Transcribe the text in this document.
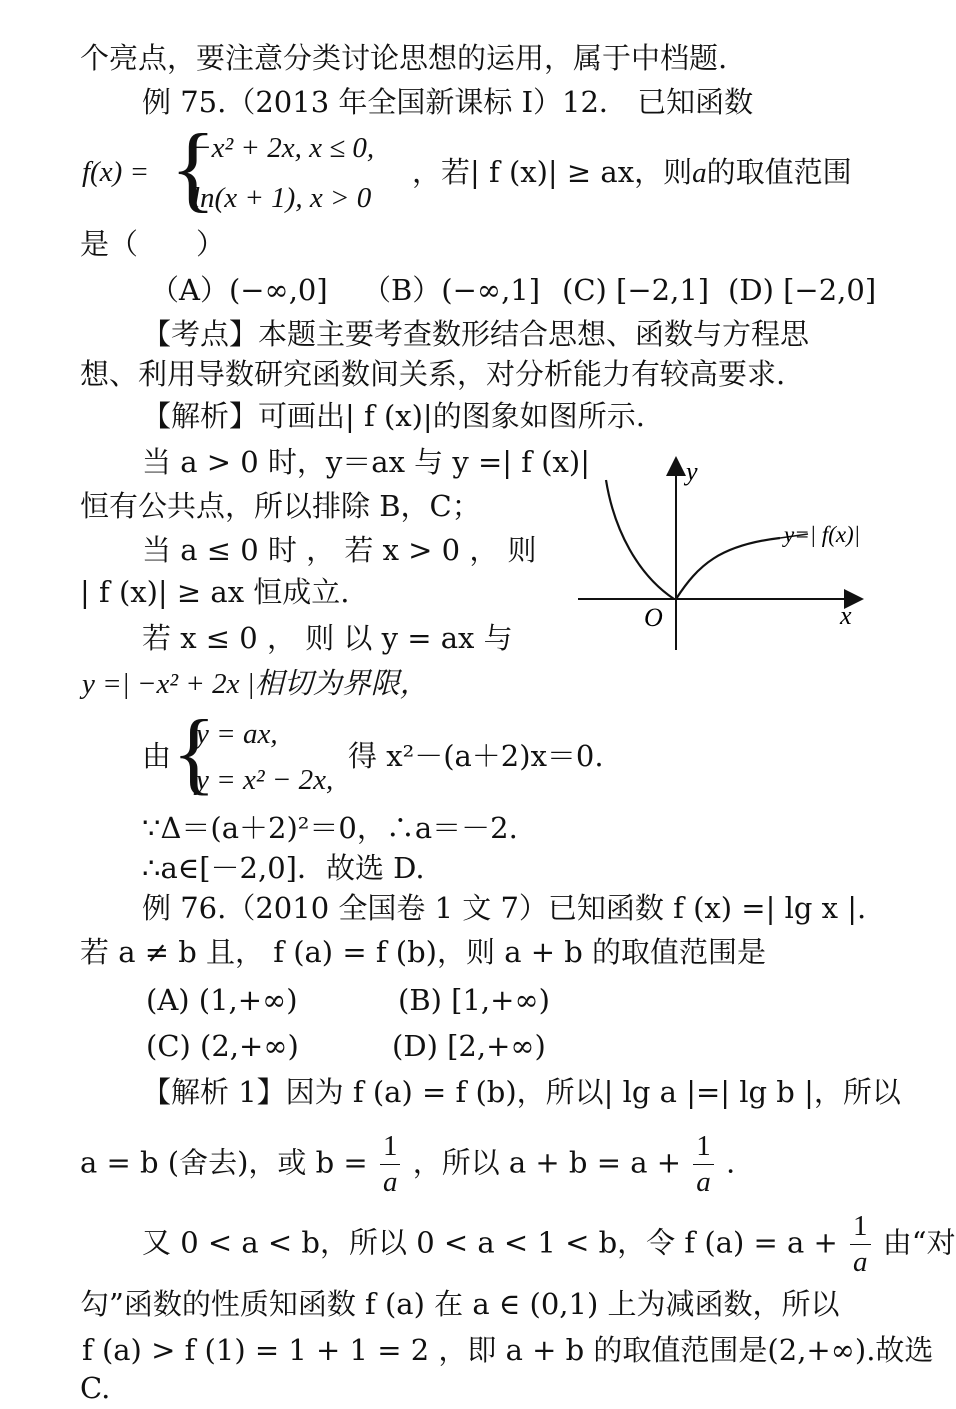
个亮点，要注意分类讨论思想的运用，属于中档题.
例 75.（2013 年全国新课标 I）12． 已知函数
f(x) = {
−x² + 2x, x ≤ 0,
ln(x + 1), x > 0
，若| f (x)| ≥ ax，则a的取值范围
是（　　）
（A）(−∞,0] （B）(−∞,1] (C) [−2,1] (D) [−2,0]
【考点】本题主要考查数形结合思想、函数与方程思
想、利用导数研究函数间关系，对分析能力有较高要求.
【解析】可画出| f (x)|的图象如图所示.
当 a > 0 时，y＝ax 与 y =| f (x)|
恒有公共点，所以排除 B，C；
当 a ≤ 0 时 ， 若 x > 0 ， 则
| f (x)| ≥ ax 恒成立.
若 x ≤ 0 ， 则 以 y = ax 与
y =| −x² + 2x |相切为界限，
由 {
y = ax,
y = x² − 2x,
得 x²－(a＋2)x＝0.
∵Δ＝(a＋2)²＝0，∴a＝－2.
∴a∈[－2,0]．故选 D.
y
x
O
y=| f(x)|
例 76.（2010 全国卷 1 文 7）已知函数 f (x) =| lg x |.
若 a ≠ b 且， f (a) = f (b)，则 a + b 的取值范围是
(A) (1,+∞)	(B) [1,+∞)
(C) (2,+∞)	(D) [2,+∞)
【解析 1】因为 f (a) = f (b)，所以| lg a |=| lg b |，所以
a = b (舍去)，或 $b = \frac{1}{a}$ ，所以 $a + b = a + \frac{1}{a}$ .
又 0 < a < b，所以 0 < a < 1 < b，令 f $(a) = a + \frac{1}{a}$ 由“对
勾”函数的性质知函数 f (a) 在 a ∈ (0,1) 上为减函数，所以
f (a) > f (1) = 1 + 1 = 2 ，即 a + b 的取值范围是(2,+∞).故选
C.
